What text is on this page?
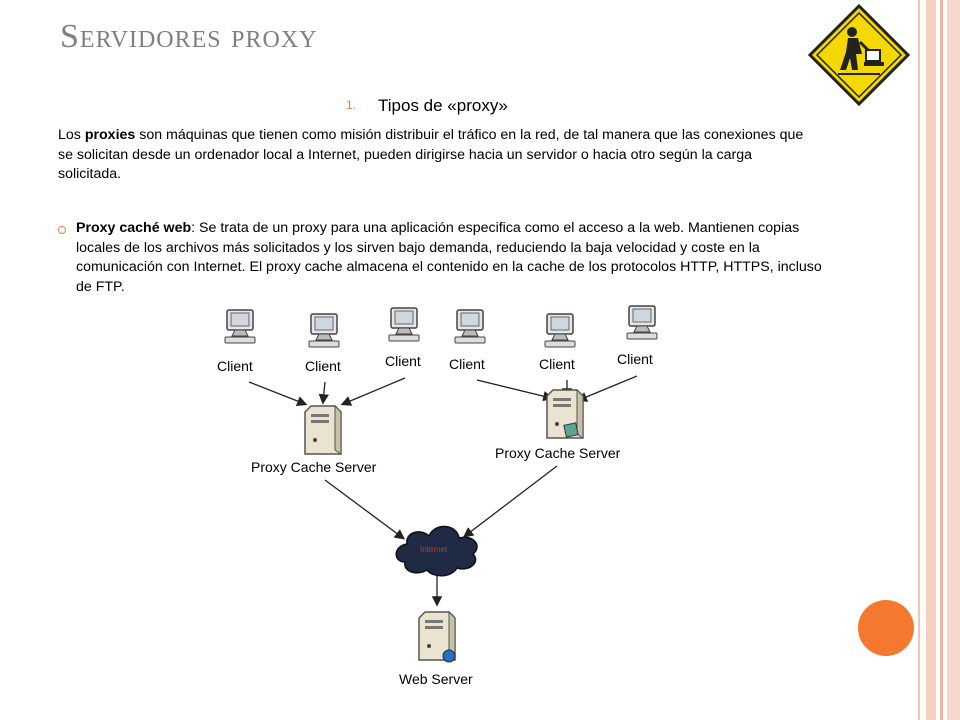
Servidores proxy
1. Tipos de «proxy»

Los proxies son máquinas que tienen como misión distribuir el tráfico en la red, de tal manera que las conexiones que se solicitan desde un ordenador local a Internet, pueden dirigirse hacia un servidor o hacia otro según la carga solicitada.

Proxy caché web: Se trata de un proxy para una aplicación especifica como el acceso a la web. Mantienen copias locales de los archivos más solicitados y los sirven bajo demanda, reduciendo la baja velocidad y coste en la comunicación con Internet. El proxy cache almacena el contenido en la cache de los protocolos HTTP, HTTPS, incluso de FTP.
Client	Client	Client Client	Client	Client
Proxy Cache Server
Proxy Cache Server
Internet
Web Server
